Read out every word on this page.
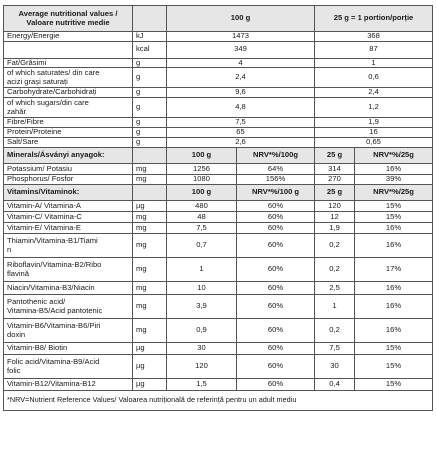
Average nutritional values /
Valoare nutritive medie		100 g		25 g = 1 portion/porție	

Energy/Energie	kJ	1473		368	

	kcal	349		87	

Fat/Grăsimi	g	4		1	

of which saturates/ din care
acizi grași saturați	g	2,4		0,6	

Carbohydrate/Carbohidrați	g	9,6		2,4	

of which sugars/din care
zahăr	g	4,8		1,2	

Fibre/Fibre	g	7,5		1,9	

Protein/Proteine	g	65		16	

Salt/Sare	g	2,6		0,65	
Minerals/Ásványi anyagok:		100 g	NRV*%/100g	25 g	NRV*%/25g

Potassium/ Potasiu	mg	1256	64%	314	16%

Phosphorus/ Fosfor	mg	1080	156%	270	39%
Vitamins/Vitaminok:		100 g	NRV*%/100 g	25 g	NRV*%/25g

Vitamin-A/ Vitamina-A	µg	480	60%	120	15%

Vitamin-C/ Vitamina-C	mg	48	60%	12	15%

Vitamin-E/ Vitamina-E	mg	7,5	60%	1,9	16%

Thiamin/Vitamina-B1/Tiami
n	mg	0,7	60%	0,2	16%

Riboflavin/Vitamina-B2/Ribo
flavină	mg	1	60%	0,2	17%

Niacin/Vitamina-B3/Niacin	mg	10	60%	2,5	16%

Pantothenic acid/
Vitamina-B5/Acid pantotenic	mg	3,9	60%	1	16%

Vitamin-B6/Vitamina-B6/Piri
doxin	mg	0,9	60%	0,2	16%

Vitamin-B8/ Biotin	µg	30	60%	7,5	15%

Folic acid/Vitamina-B9/Acid
folic	µg	120	60%	30	15%

Vitamin-B12/Vitamina-B12	µg	1,5	60%	0,4	15%
*NRV=Nutrient Reference Values/ Valoarea nutrițională de referință pentru un adult mediu					
